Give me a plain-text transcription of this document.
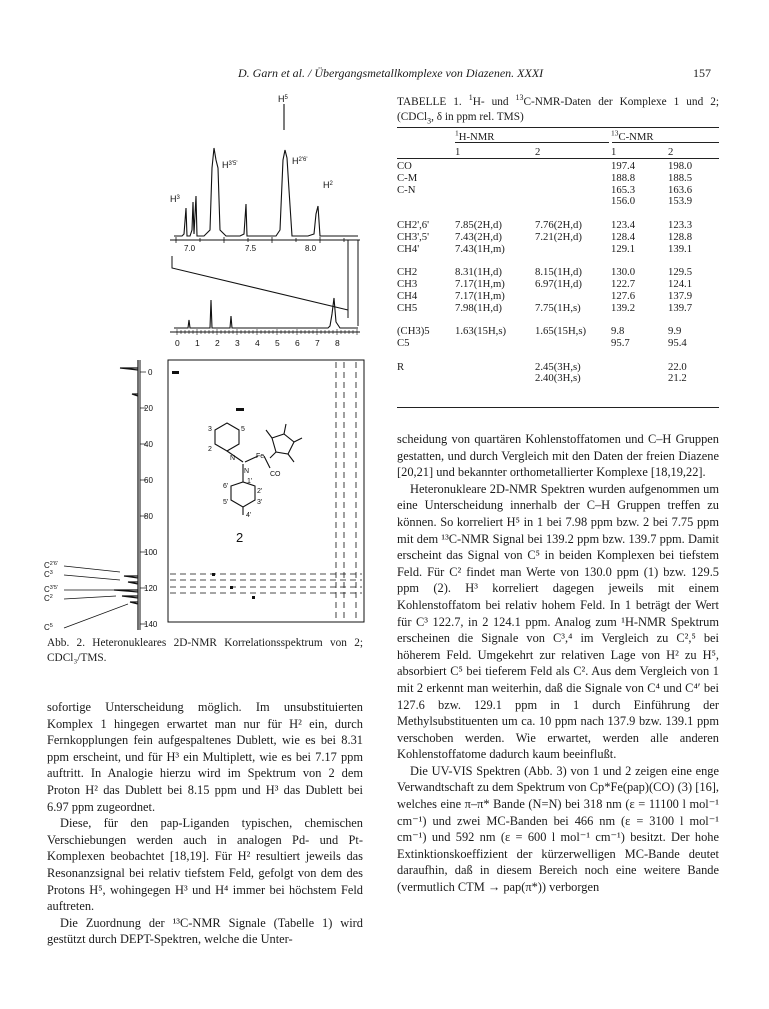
D. Garn et al. / Übergangsmetallkomplexe von Diazenen. XXXI	157
$H^5$
$H^{3'5'}$	$H^{2'6'}$
$H^3$
$H^2$
7.0	7.5	8.0
0 1 2 3 4 5 6 7 8
0
20
40
60
80
100
120
140
$C^{2'6'}$
$C^3$
$C^{3'5'}$
$C^2$
$C^5$
3	5
2
N
N
Fe
CO
1'
6'
2'
5'	3'
4'
2
Abb. 2. Heteronukleares 2D-NMR Korrelationsspektrum von 2; CDCl₃/TMS.
TABELLE 1. $^1$H- und $^{13}$C-NMR-Daten der Komplexe 1 und 2; (CDCl$_3$, δ in ppm rel. TMS)
	$^1$H-NMR		$^{13}$C-NMR	
	1	2	1	2
CO			197.4	198.0
C-M			188.8	188.5
C-N			165.3	163.6
			156.0	153.9

CH2',6'	7.85(2H,d)	7.76(2H,d)	123.4	123.3
CH3',5'	7.43(2H,d)	7.21(2H,d)	128.4	128.8
CH4'	7.43(1H,m)		129.1	139.1

CH2	8.31(1H,d)	8.15(1H,d)	130.0	129.5
CH3	7.17(1H,m)	6.97(1H,d)	122.7	124.1
CH4	7.17(1H,m)		127.6	137.9
CH5	7.98(1H,d)	7.75(1H,s)	139.2	139.7

(CH3)5	1.63(15H,s)	1.65(15H,s)	9.8	9.9
C5			95.7	95.4

R		2.45(3H,s)		22.0
		2.40(3H,s)		21.2

sofortige Unterscheidung möglich. Im unsubstituierten Komplex 1 hingegen erwartet man nur für H² ein, durch Fernkopplungen fein aufgespaltenes Dublett, wie es bei 8.31 ppm erscheint, und für H³ ein Multiplett, wie es bei 7.17 ppm auftritt. In Analogie hierzu wird im Spektrum von 2 dem Proton H² das Dublett bei 8.15 ppm und H³ das Dublett bei 6.97 ppm zugeordnet.

Diese, für den pap-Liganden typischen, chemischen Verschiebungen werden auch in analogen Pd- und Pt-Komplexen beobachtet [18,19]. Für H² resultiert jeweils das Resonanzsignal bei relativ tiefstem Feld, gefolgt von dem des Protons H⁵, wohingegen H³ und H⁴ immer bei höchstem Feld auftreten.

Die Zuordnung der ¹³C-NMR Signale (Tabelle 1) wird gestützt durch DEPT-Spektren, welche die Unter-

scheidung von quartären Kohlenstoffatomen und C–H Gruppen gestatten, und durch Vergleich mit den Daten der freien Diazene [20,21] und bekannter orthometallierter Komplexe [18,19,22].

Heteronukleare 2D-NMR Spektren wurden aufgenommen um eine Unterscheidung innerhalb der C–H Gruppen treffen zu können. So korreliert H⁵ in 1 bei 7.98 ppm bzw. 2 bei 7.75 ppm mit dem ¹³C-NMR Signal bei 139.2 ppm bzw. 139.7 ppm. Damit erscheint das Signal von C⁵ in beiden Komplexen bei tiefstem Feld. Für C² findet man Werte von 130.0 ppm (1) bzw. 129.5 ppm (2). H³ korreliert dagegen jeweils mit einem Kohlenstoffatom bei relativ hohem Feld. In 1 beträgt der Wert für C³ 122.7, in 2 124.1 ppm. Analog zum ¹H-NMR Spektrum erscheinen die Signale von C³,⁴ im Vergleich zu C²,⁵ bei höherem Feld. Umgekehrt zur relativen Lage von H² zu H⁵, absorbiert C⁵ bei tieferem Feld als C². Aus dem Vergleich von 1 mit 2 erkennt man weiterhin, daß die Signale von C⁴ und C⁴′ bei 127.6 bzw. 129.1 ppm in 1 durch Einführung der Methylsubstituenten um ca. 10 ppm nach 137.9 bzw. 139.1 ppm verschoben werden. Wie erwartet, werden alle anderen Kohlenstoffatome dadurch kaum beeinflußt.

Die UV-VIS Spektren (Abb. 3) von 1 und 2 zeigen eine enge Verwandtschaft zu dem Spektrum von Cp*Fe(pap)(CO) (3) [16], welches eine π–π* Bande (N=N) bei 318 nm (ε = 11100 l mol⁻¹ cm⁻¹) und zwei MC-Banden bei 466 nm (ε = 3100 l mol⁻¹ cm⁻¹) und 592 nm (ε = 600 l mol⁻¹ cm⁻¹) besitzt. Der hohe Extinktionskoeffizient der kürzerwelligen MC-Bande deutet daraufhin, daß in diesem Bereich noch eine weitere Bande (vermutlich CTM → pap(π*)) verborgen
